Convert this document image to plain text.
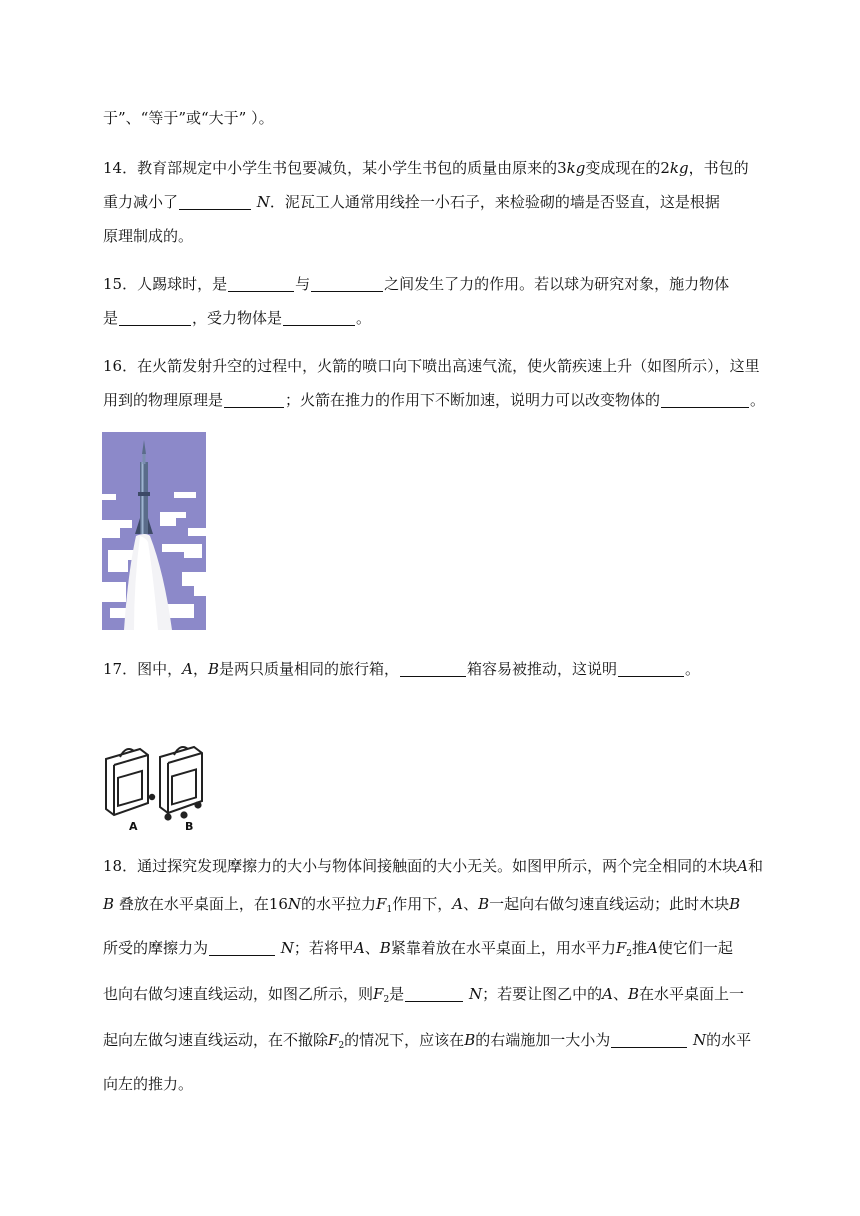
于”、“等于”或“大于” ）。
14．教育部规定中小学生书包要减负，某小学生书包的质量由原来的3kg变成现在的2kg，书包的
重力减小了	N．泥瓦工人通常用线拴一小石子，来检验砌的墙是否竖直，这是根据
原理制成的。
15．人踢球时，是	与	之间发生了力的作用。若以球为研究对象，施力物体
是	，受力物体是	。
16．在火箭发射升空的过程中，火箭的喷口向下喷出高速气流，使火箭疾速上升（如图所示），这里
用到的物理原理是	；火箭在推力的作用下不断加速，说明力可以改变物体的	。
17．图中，A，B是两只质量相同的旅行箱，	箱容易被推动，这说明	。
A	B
18．通过探究发现摩擦力的大小与物体间接触面的大小无关。如图甲所示，两个完全相同的木块A和
B 叠放在水平桌面上，在16N的水平拉力$F_1$作用下，A、B一起向右做匀速直线运动；此时木块B
所受的摩擦力为	N；若将甲A、B紧靠着放在水平桌面上，用水平力$F_2$推A使它们一起
也向右做匀速直线运动，如图乙所示，则$F_2$是	N；若要让图乙中的A、B在水平桌面上一
起向左做匀速直线运动，在不撤除$F_2$的情况下，应该在B的右端施加一大小为	N的水平
向左的推力。
